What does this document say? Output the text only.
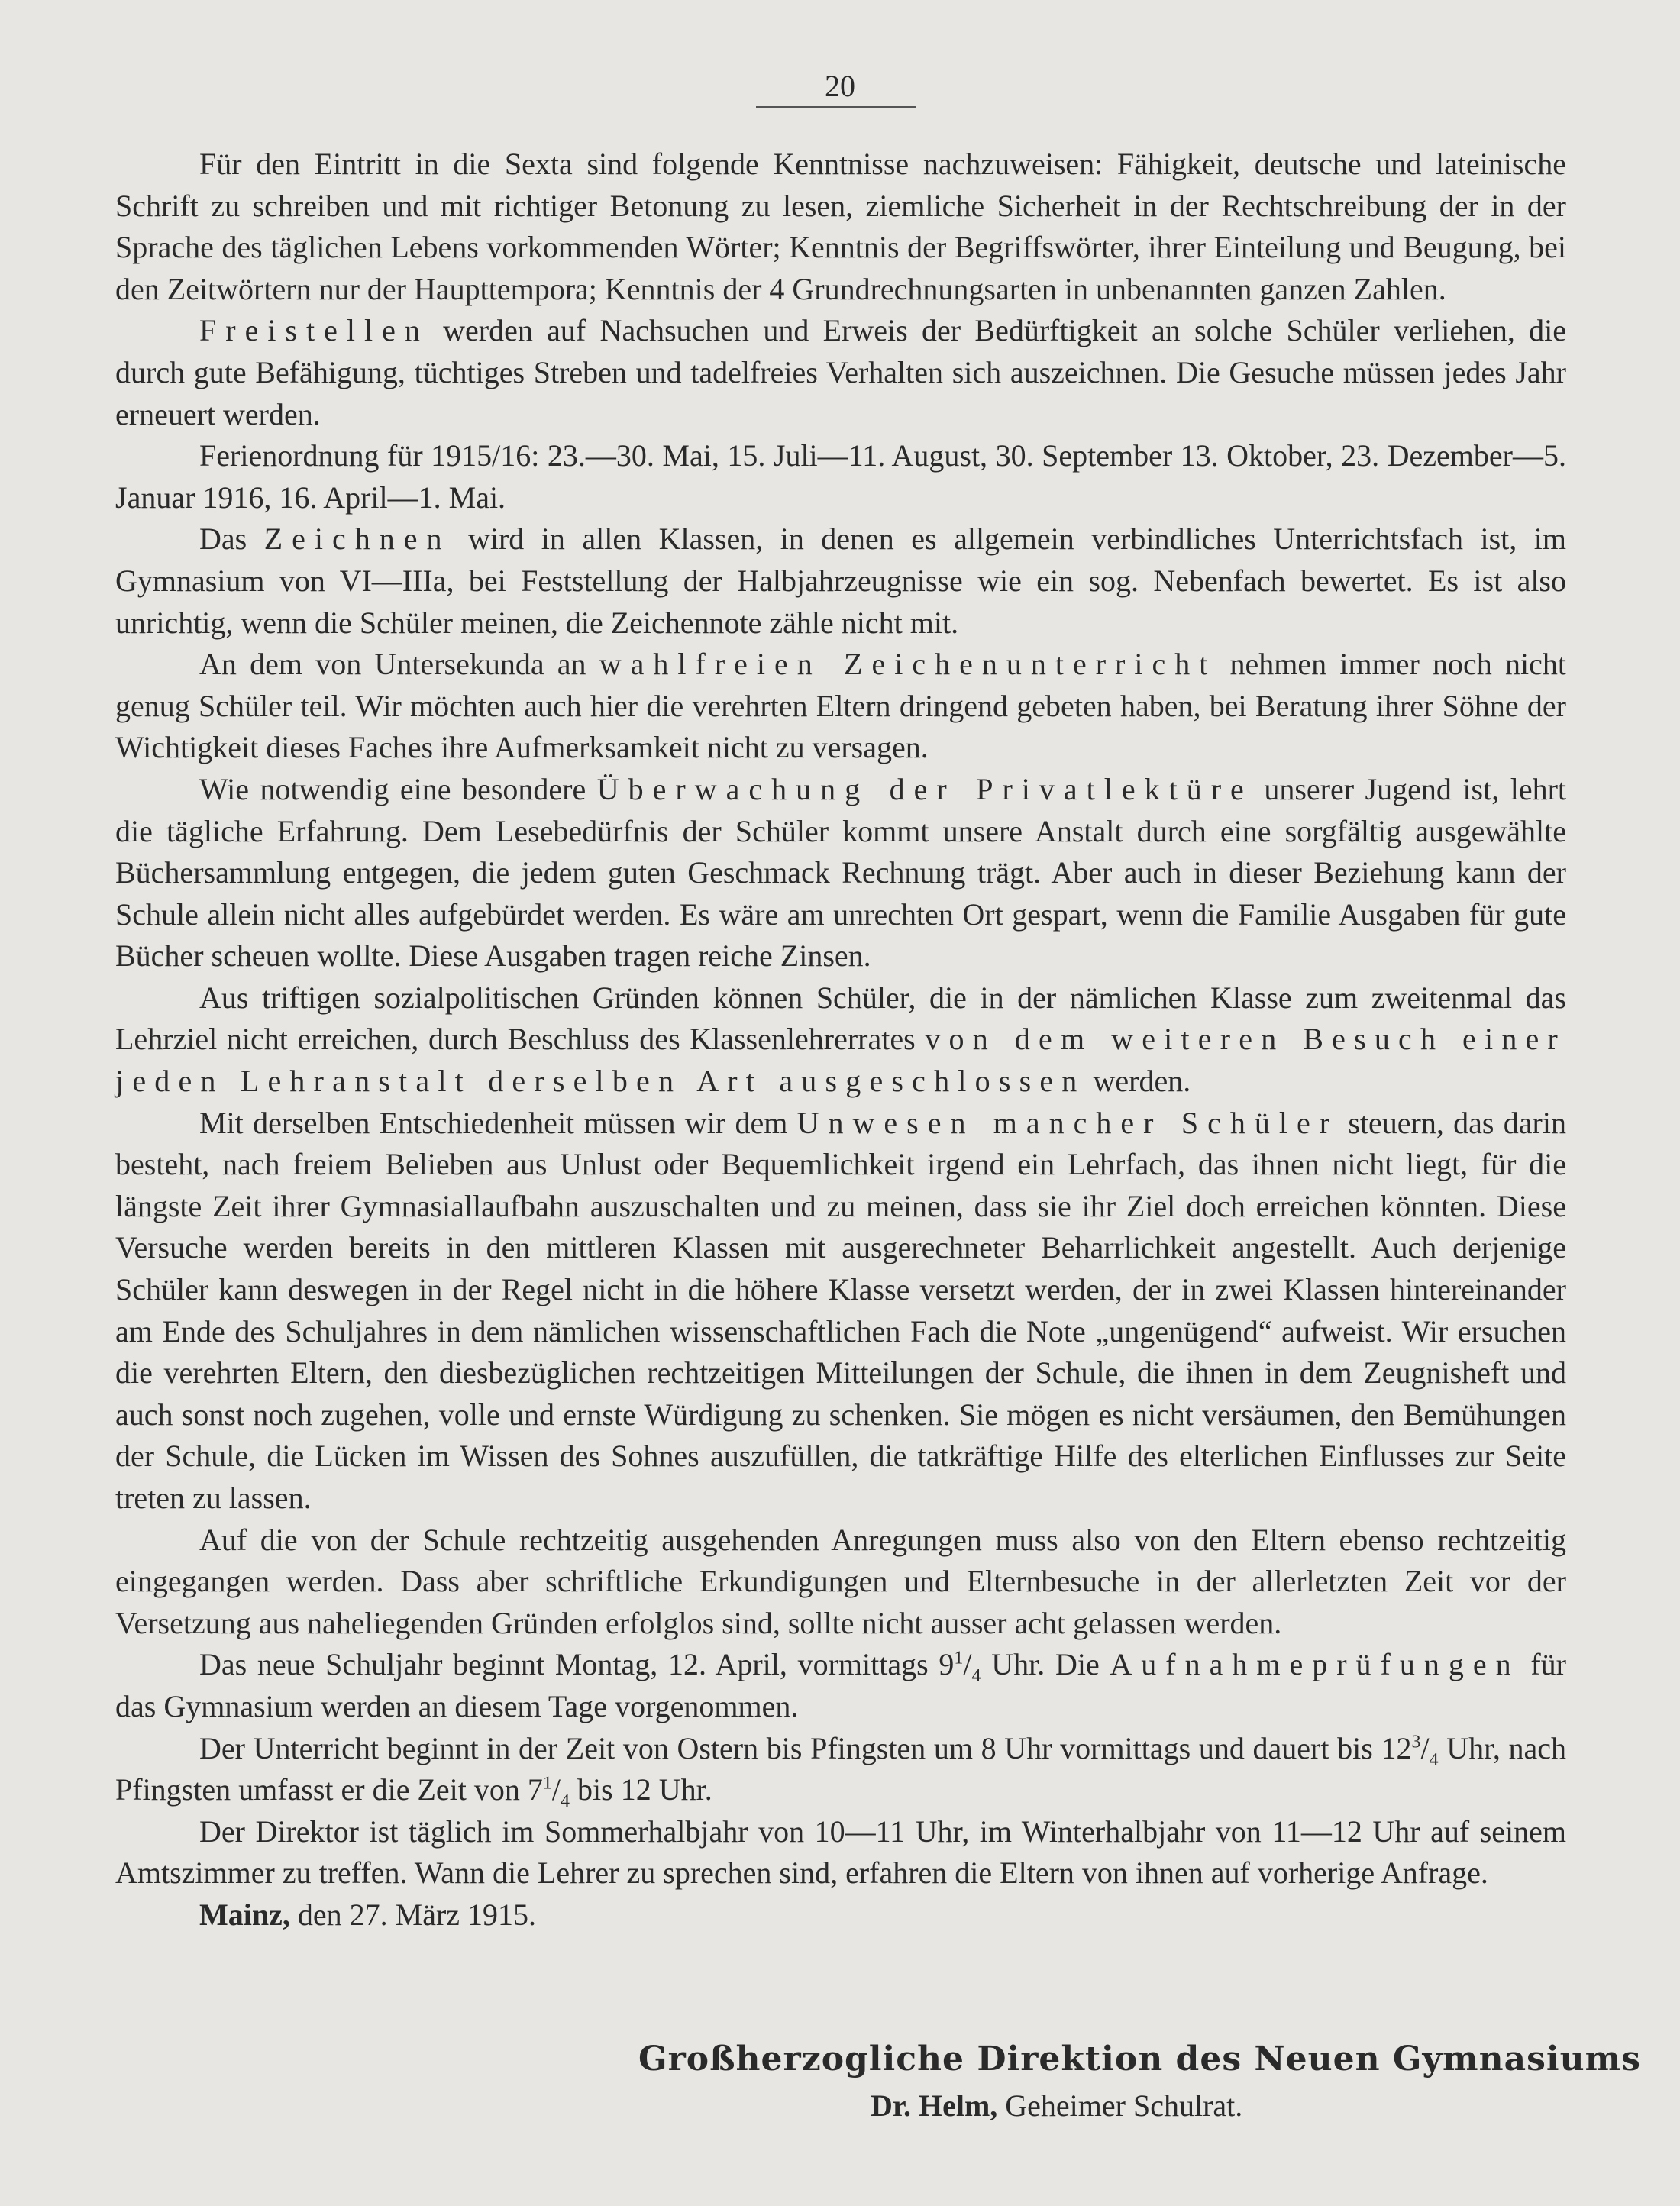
20

Für den Eintritt in die Sexta sind folgende Kenntnisse nachzuweisen: Fähigkeit, deutsche und lateinische Schrift zu schreiben und mit richtiger Betonung zu lesen, ziemliche Sicherheit in der Rechtschreibung der in der Sprache des täglichen Lebens vorkommenden Wörter; Kenntnis der Begriffswörter, ihrer Einteilung und Beugung, bei den Zeitwörtern nur der Haupttempora; Kenntnis der 4 Grundrechnungsarten in unbenannten ganzen Zahlen.

Freistellen werden auf Nachsuchen und Erweis der Bedürftigkeit an solche Schüler verliehen, die durch gute Befähigung, tüchtiges Streben und tadelfreies Verhalten sich auszeichnen. Die Gesuche müssen jedes Jahr erneuert werden.

Ferienordnung für 1915/16: 23.—30. Mai, 15. Juli—11. August, 30. September 13. Oktober, 23. Dezember—5. Januar 1916, 16. April—1. Mai.

Das Zeichnen wird in allen Klassen, in denen es allgemein verbindliches Unterrichtsfach ist, im Gymnasium von VI—IIIa, bei Feststellung der Halbjahrzeugnisse wie ein sog. Nebenfach bewertet. Es ist also unrichtig, wenn die Schüler meinen, die Zeichennote zähle nicht mit.

An dem von Untersekunda an wahlfreien Zeichenunterricht nehmen immer noch nicht genug Schüler teil. Wir möchten auch hier die verehrten Eltern dringend gebeten haben, bei Beratung ihrer Söhne der Wichtigkeit dieses Faches ihre Aufmerksamkeit nicht zu versagen.

Wie notwendig eine besondere Überwachung der Privatlektüre unserer Jugend ist, lehrt die tägliche Erfahrung. Dem Lesebedürfnis der Schüler kommt unsere Anstalt durch eine sorgfältig ausgewählte Büchersammlung entgegen, die jedem guten Geschmack Rechnung trägt. Aber auch in dieser Beziehung kann der Schule allein nicht alles aufgebürdet werden. Es wäre am unrechten Ort gespart, wenn die Familie Ausgaben für gute Bücher scheuen wollte. Diese Ausgaben tragen reiche Zinsen.

Aus triftigen sozialpolitischen Gründen können Schüler, die in der nämlichen Klasse zum zweitenmal das Lehrziel nicht erreichen, durch Beschluss des Klassenlehrerrates von dem weiteren Besuch einer jeden Lehranstalt derselben Art ausgeschlossen werden.

Mit derselben Entschiedenheit müssen wir dem Unwesen mancher Schüler steuern, das darin besteht, nach freiem Belieben aus Unlust oder Bequemlichkeit irgend ein Lehrfach, das ihnen nicht liegt, für die längste Zeit ihrer Gymnasiallaufbahn auszuschalten und zu meinen, dass sie ihr Ziel doch erreichen könnten. Diese Versuche werden bereits in den mittleren Klassen mit ausgerechneter Beharrlichkeit angestellt. Auch derjenige Schüler kann deswegen in der Regel nicht in die höhere Klasse versetzt werden, der in zwei Klassen hintereinander am Ende des Schuljahres in dem nämlichen wissenschaftlichen Fach die Note „ungenügend“ aufweist. Wir ersuchen die verehrten Eltern, den diesbezüglichen rechtzeitigen Mitteilungen der Schule, die ihnen in dem Zeugnisheft und auch sonst noch zugehen, volle und ernste Würdigung zu schenken. Sie mögen es nicht versäumen, den Bemühungen der Schule, die Lücken im Wissen des Sohnes auszufüllen, die tatkräftige Hilfe des elterlichen Einflusses zur Seite treten zu lassen.

Auf die von der Schule rechtzeitig ausgehenden Anregungen muss also von den Eltern ebenso rechtzeitig eingegangen werden. Dass aber schriftliche Erkundigungen und Elternbesuche in der allerletzten Zeit vor der Versetzung aus naheliegenden Gründen erfolglos sind, sollte nicht ausser acht gelassen werden.

Das neue Schuljahr beginnt Montag, 12. April, vormittags $9^1/_4$ Uhr. Die Aufnahmeprüfungen für das Gymnasium werden an diesem Tage vorgenommen.

Der Unterricht beginnt in der Zeit von Ostern bis Pfingsten um 8 Uhr vormittags und dauert bis $12^3/_4$ Uhr, nach Pfingsten umfasst er die Zeit von $7^1/_4$ bis 12 Uhr.

Der Direktor ist täglich im Sommerhalbjahr von 10—11 Uhr, im Winterhalbjahr von 11—12 Uhr auf seinem Amtszimmer zu treffen. Wann die Lehrer zu sprechen sind, erfahren die Eltern von ihnen auf vorherige Anfrage.

Mainz, den 27. März 1915.

Großherzogliche Direktion des Neuen Gymnasiums
Dr. Helm, Geheimer Schulrat.
